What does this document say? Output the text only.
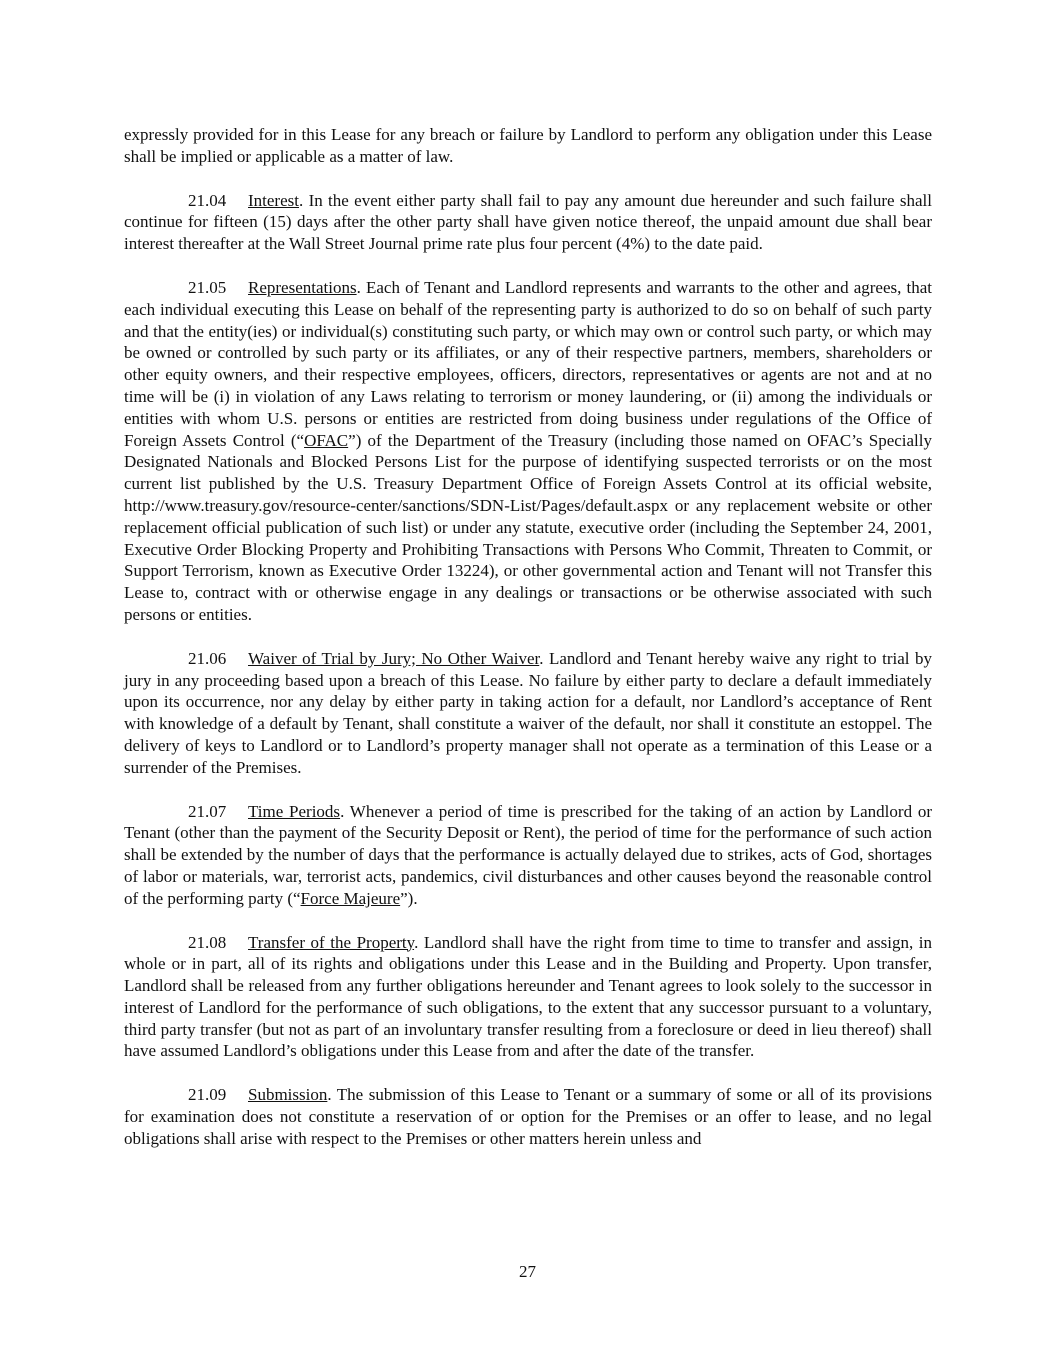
expressly provided for in this Lease for any breach or failure by Landlord to perform any obligation under this Lease shall be implied or applicable as a matter of law.

21.04 Interest. In the event either party shall fail to pay any amount due hereunder and such failure shall continue for fifteen (15) days after the other party shall have given notice thereof, the unpaid amount due shall bear interest thereafter at the Wall Street Journal prime rate plus four percent (4%) to the date paid.

21.05 Representations. Each of Tenant and Landlord represents and warrants to the other and agrees, that each individual executing this Lease on behalf of the representing party is authorized to do so on behalf of such party and that the entity(ies) or individual(s) constituting such party, or which may own or control such party, or which may be owned or controlled by such party or its affiliates, or any of their respective partners, members, shareholders or other equity owners, and their respective employees, officers, directors, representatives or agents are not and at no time will be (i) in violation of any Laws relating to terrorism or money laundering, or (ii) among the individuals or entities with whom U.S. persons or entities are restricted from doing business under regulations of the Office of Foreign Assets Control (“OFAC”) of the Department of the Treasury (including those named on OFAC’s Specially Designated Nationals and Blocked Persons List for the purpose of identifying suspected terrorists or on the most current list published by the U.S. Treasury Department Office of Foreign Assets Control at its official website, http://www.treasury.gov/resource-center/sanctions/SDN-List/Pages/default.aspx or any replacement website or other replacement official publication of such list) or under any statute, executive order (including the September 24, 2001, Executive Order Blocking Property and Prohibiting Transactions with Persons Who Commit, Threaten to Commit, or Support Terrorism, known as Executive Order 13224), or other governmental action and Tenant will not Transfer this Lease to, contract with or otherwise engage in any dealings or transactions or be otherwise associated with such persons or entities.

21.06 Waiver of Trial by Jury; No Other Waiver. Landlord and Tenant hereby waive any right to trial by jury in any proceeding based upon a breach of this Lease. No failure by either party to declare a default immediately upon its occurrence, nor any delay by either party in taking action for a default, nor Landlord’s acceptance of Rent with knowledge of a default by Tenant, shall constitute a waiver of the default, nor shall it constitute an estoppel. The delivery of keys to Landlord or to Landlord’s property manager shall not operate as a termination of this Lease or a surrender of the Premises.

21.07 Time Periods. Whenever a period of time is prescribed for the taking of an action by Landlord or Tenant (other than the payment of the Security Deposit or Rent), the period of time for the performance of such action shall be extended by the number of days that the performance is actually delayed due to strikes, acts of God, shortages of labor or materials, war, terrorist acts, pandemics, civil disturbances and other causes beyond the reasonable control of the performing party (“Force Majeure”).

21.08 Transfer of the Property. Landlord shall have the right from time to time to transfer and assign, in whole or in part, all of its rights and obligations under this Lease and in the Building and Property. Upon transfer, Landlord shall be released from any further obligations hereunder and Tenant agrees to look solely to the successor in interest of Landlord for the performance of such obligations, to the extent that any successor pursuant to a voluntary, third party transfer (but not as part of an involuntary transfer resulting from a foreclosure or deed in lieu thereof) shall have assumed Landlord’s obligations under this Lease from and after the date of the transfer.

21.09 Submission. The submission of this Lease to Tenant or a summary of some or all of its provisions for examination does not constitute a reservation of or option for the Premises or an offer to lease, and no legal obligations shall arise with respect to the Premises or other matters herein unless and

27
